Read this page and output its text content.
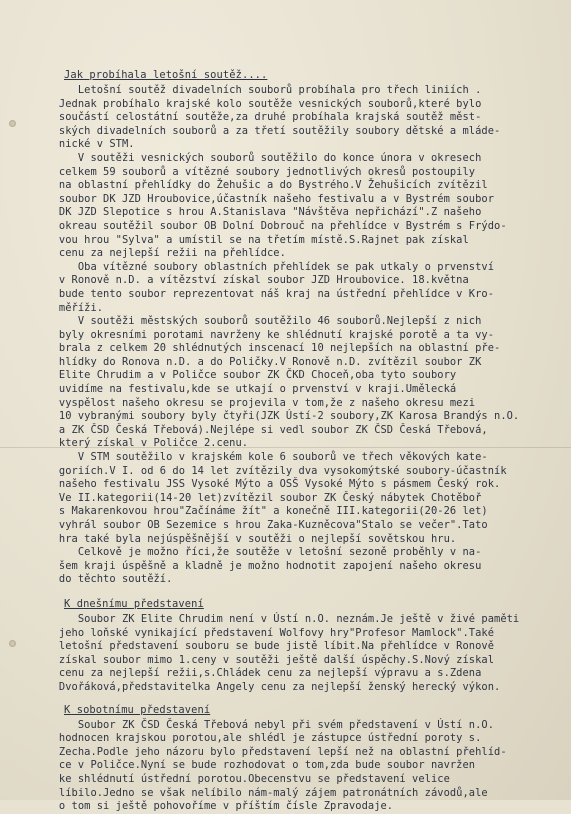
Jak probíhala letošní soutěž....
Letošní soutěž divadelních souborů probíhala pro třech liniích .
Jednak probíhalo krajské kolo soutěže vesnických souborů,které bylo
součástí celostátní soutěže,za druhé probíhala krajská soutěž měst-
ských divadelních souborů a za třetí soutěžily soubory dětské a mláde-
nické v STM.
V soutěži vesnických souborů soutěžilo do konce února v okresech
celkem 59 souborů a vítězné soubory jednotlivých okresů postoupily
na oblastní přehlídky do Žehušic a do Bystrého.V Žehušicích zvítězil
soubor DK JZD Hroubovice,účastník našeho festivalu a v Bystrém soubor
DK JZD Slepotice s hrou A.Stanislava "Návštěva nepřichází".Z našeho
okreau soutěžil soubor OB Dolní Dobrouč na přehlídce v Bystrém s Frýdo-
vou hrou "Sylva" a umístil se na třetím místě.S.Rajnet pak získal
cenu za nejlepší režii na přehlídce.
Oba vítězné soubory oblastních přehlídek se pak utkaly o prvenství
v Ronově n.D. a vítězství získal soubor JZD Hroubovice. 18.května
bude tento soubor reprezentovat náš kraj na ústřední přehlídce v Kro-
měříži.
V soutěži městských souborů soutěžilo 46 souborů.Nejlepší z nich
byly okresními porotami navrženy ke shlédnutí krajské porotě a ta vy-
brala z celkem 20 shlédnutých inscenací 10 nejlepších na oblastní pře-
hlídky do Ronova n.D. a do Poličky.V Ronově n.D. zvítězil soubor ZK
Elite Chrudim a v Poličce soubor ZK ČKD Choceň,oba tyto soubory
uvidíme na festivalu,kde se utkají o prvenství v kraji.Umělecká
vyspělost našeho okresu se projevila v tom,že z našeho okresu mezi
10 vybranými soubory byly čtyři(JZK Ústí-2 soubory,ZK Karosa Brandýs n.O.
a ZK ČSD Česká Třebová).Nejlépe si vedl soubor ZK ČSD Česká Třebová,
který získal v Poličce 2.cenu.
V STM soutěžilo v krajském kole 6 souborů ve třech věkových kate-
goriích.V I. od 6 do 14 let zvítězily dva vysokomýtské soubory-účastník
našeho festivalu JSS Vysoké Mýto a OSŠ Vysoké Mýto s pásmem Český rok.
Ve II.kategorii(14-20 let)zvítězil soubor ZK Český nábytek Chotěboř
s Makarenkovou hrou"Začínáme žít" a konečně III.kategorii(20-26 let)
vyhrál soubor OB Sezemice s hrou Zaka-Kuzněcova"Stalo se večer".Tato
hra také byla nejúspěšnější v soutěži o nejlepší sovětskou hru.
Celkově je možno říci,že soutěže v letošní sezoně proběhly v na-
šem kraji úspěšně a kladně je možno hodnotit zapojení našeho okresu
do těchto soutěží.
K dnešnímu představení
Soubor ZK Elite Chrudim není v Ústí n.O. neznám.Je ještě v živé paměti
jeho loňské vynikající představení Wolfovy hry"Profesor Mamlock".Také
letošní představení souboru se bude jistě líbit.Na přehlídce v Ronově
získal soubor mimo 1.ceny v soutěži ještě další úspěchy.S.Nový získal
cenu za nejlepší režii,s.Chládek cenu za nejlepší výpravu a s.Zdena
Dvořáková,představitelka Angely cenu za nejlepší ženský herecký výkon.
K sobotnímu představení
Soubor ZK ČSD Česká Třebová nebyl při svém představení v Ústí n.O.
hodnocen krajskou porotou,ale shlédl je zástupce ústřední poroty s.
Zecha.Podle jeho názoru bylo představení lepší než na oblastní přehlíd-
ce v Poličce.Nyní se bude rozhodovat o tom,zda bude soubor navržen
ke shlédnutí ústřední porotou.Obecenstvu se představení velice
líbilo.Jedno se však nelíbilo nám-malý zájem patronátních závodů,ale
o tom si ještě pohovoříme v příštím čísle Zpravodaje.
